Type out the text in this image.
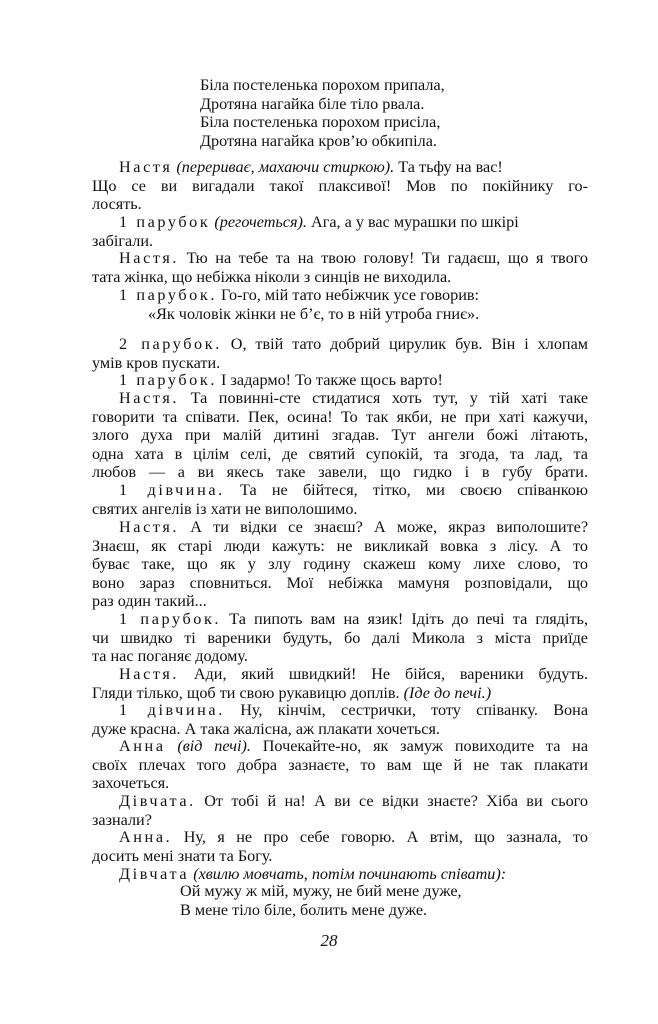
Біла постеленька порохом припала,
Дротяна нагайка біле тіло рвала.
Біла постеленька порохом присіла,
Дротяна нагайка кров’ю обкипіла.
Настя (перериває, махаючи стиркою). Та тьфу на вас!
Що се ви вигадали такої плаксивої! Мов по покійнику го-
лосять.
1 парубок (регочеться). Ага, а у вас мурашки по шкірі
забігали.
Настя. Тю на тебе та на твою голову! Ти гадаєш, що я твого
тата жінка, що небіжка ніколи з синців не виходила.
1 парубок. Го-го, мій тато небіжчик усе говорив:
«Як чоловік жінки не б’є, то в ній утроба гниє».
2 парубок. О, твій тато добрий цирулик був. Він і хлопам
умів кров пускати.
1 парубок. І задармо! То также щось варто!
Настя. Та повинні-сте стидатися хоть тут, у тій хаті таке
говорити та співати. Пек, осина! То так якби, не при хаті кажучи,
злого духа при малій дитині згадав. Тут ангели божі літають,
одна хата в цілім селі, де святий супокій, та згода, та лад, та
любов — а ви якесь таке завели, що гидко і в губу брати.
1 дівчина. Та не бійтеся, тітко, ми своєю співанкою
святих ангелів із хати не виполошимо.
Настя. А ти відки се знаєш? А може, якраз виполошите?
Знаєш, як старі люди кажуть: не викликай вовка з лісу. А то
буває таке, що як у злу годину скажеш кому лихе слово, то
воно зараз сповниться. Мої небіжка мамуня розповідали, що
раз один такий...
1 парубок. Та пипоть вам на язик! Ідіть до печі та глядіть,
чи швидко ті вареники будуть, бо далі Микола з міста приїде
та нас поганяє додому.
Настя. Ади, який швидкий! Не бійся, вареники будуть.
Гляди тілько, щоб ти свою рукавицю доплів. (Іде до печі.)
1 дівчина. Ну, кінчім, сестрички, тоту співанку. Вона
дуже красна. А така жалісна, аж плакати хочеться.
Анна (від печі). Почекайте-но, як замуж повиходите та на
своїх плечах того добра зазнаєте, то вам ще й не так плакати
захочеться.
Дівчата. От тобі й на! А ви се відки знаєте? Хіба ви сього
зазнали?
Анна. Ну, я не про себе говорю. А втім, що зазнала, то
досить мені знати та Богу.
Дівчата (хвилю мовчать, потім починають співати):
Ой мужу ж мій, мужу, не бий мене дуже,
В мене тіло біле, болить мене дуже.
28
